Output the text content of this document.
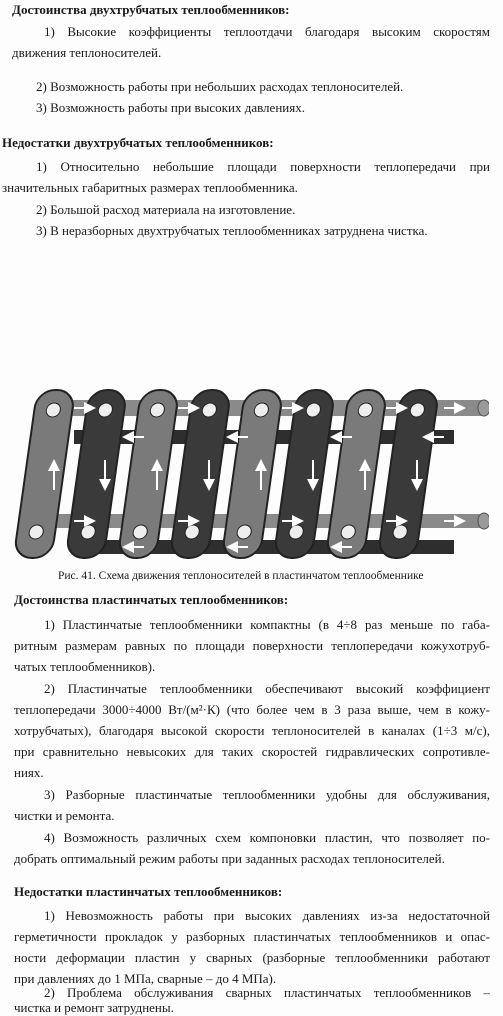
Достоинства двухтрубчатых теплообменников:
1) Высокие коэффициенты теплоотдачи благодаря высоким скоростям
движения теплоносителей.
2) Возможность работы при небольших расходах теплоносителей.
3) Возможность работы при высоких давлениях.
Недостатки двухтрубчатых теплообменников:
1) Относительно небольшие площади поверхности теплопередачи при
значительных габаритных размерах теплообменника.
2) Большой расход материала на изготовление.
3) В неразборных двухтрубчатых теплообменниках затруднена чистка.
Рис. 41. Схема движения теплоносителей в пластинчатом теплообменнике
Достоинства пластинчатых теплообменников:
1) Пластинчатые теплообменники компактны (в 4÷8 раз меньше по габа-
ритным размерам равных по площади поверхности теплопередачи кожухотруб-
чатых теплообменников).
2) Пластинчатые теплообменники обеспечивают высокий коэффициент
теплопередачи 3000÷4000 Вт/(м²·К) (что более чем в 3 раза выше, чем в кожу-
хотрубчатых), благодаря высокой скорости теплоносителей в каналах (1÷3 м/с),
при сравнительно невысоких для таких скоростей гидравлических сопротивле-
ниях.
3) Разборные пластинчатые теплообменники удобны для обслуживания,
чистки и ремонта.
4) Возможность различных схем компоновки пластин, что позволяет по-
добрать оптимальный режим работы при заданных расходах теплоносителей.
Недостатки пластинчатых теплообменников:
1) Невозможность работы при высоких давлениях из-за недостаточной
герметичности прокладок у разборных пластинчатых теплообменников и опас-
ности деформации пластин у сварных (разборные теплообменники работают
при давлениях до 1 МПа, сварные – до 4 МПа).
2) Проблема обслуживания сварных пластинчатых теплообменников –
чистка и ремонт затруднены.
